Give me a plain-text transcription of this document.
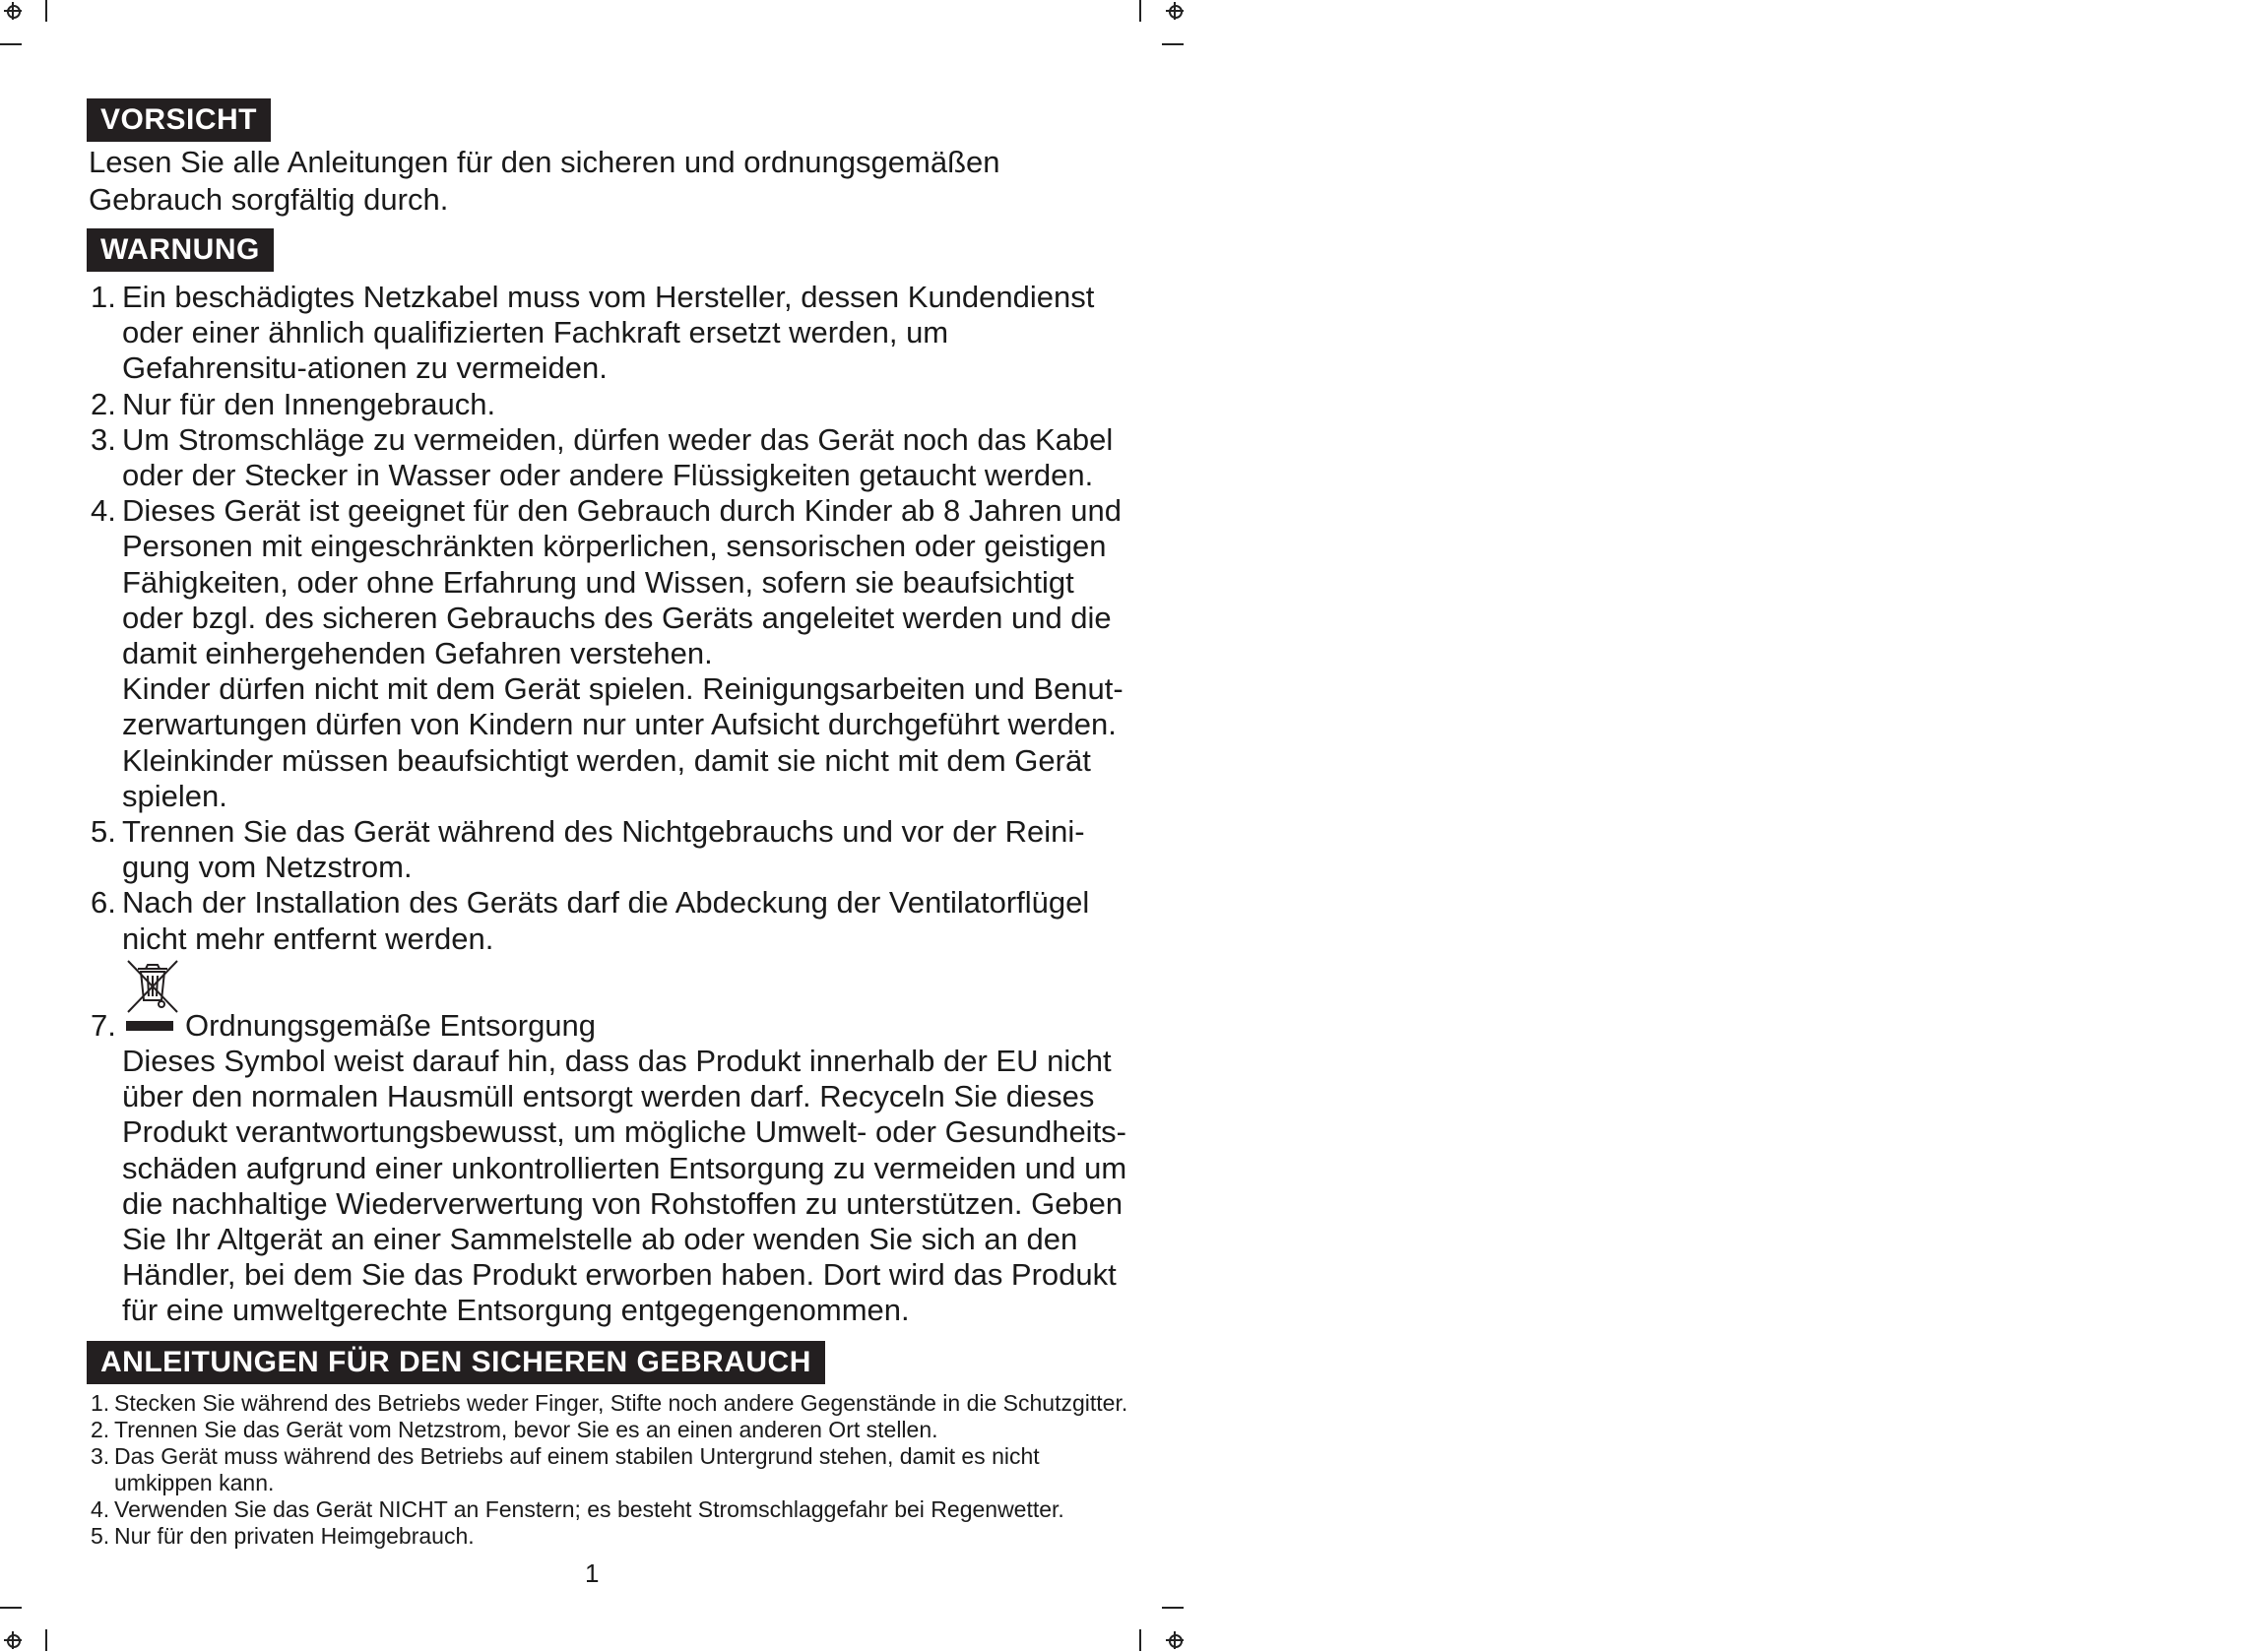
VORSICHT
Lesen Sie alle Anleitungen für den sicheren und ordnungsgemäßen Gebrauch sorgfältig durch.
WARNUNG
1. Ein beschädigtes Netzkabel muss vom Hersteller, dessen Kundendienst oder einer ähnlich qualifizierten Fachkraft ersetzt werden, um Gefahrensitu-ationen zu vermeiden.
2. Nur für den Innengebrauch.
3. Um Stromschläge zu vermeiden, dürfen weder das Gerät noch das Kabel oder der Stecker in Wasser oder andere Flüssigkeiten getaucht werden.
4. Dieses Gerät ist geeignet für den Gebrauch durch Kinder ab 8 Jahren und Personen mit eingeschränkten körperlichen, sensorischen oder geistigen Fähigkeiten, oder ohne Erfahrung und Wissen, sofern sie beaufsichtigt oder bzgl. des sicheren Gebrauchs des Geräts angeleitet werden und die damit einhergehenden Gefahren verstehen.
Kinder dürfen nicht mit dem Gerät spielen. Reinigungsarbeiten und Benut-zerwartungen dürfen von Kindern nur unter Aufsicht durchgeführt werden. Kleinkinder müssen beaufsichtigt werden, damit sie nicht mit dem Gerät spielen.
5. Trennen Sie das Gerät während des Nichtgebrauchs und vor der Reini-gung vom Netzstrom.
6. Nach der Installation des Geräts darf die Abdeckung der Ventilatorflügel nicht mehr entfernt werden.
7.	Ordnungsgemäße Entsorgung
Dieses Symbol weist darauf hin, dass das Produkt innerhalb der EU nicht über den normalen Hausmüll entsorgt werden darf. Recyceln Sie dieses Produkt verantwortungsbewusst, um mögliche Umwelt- oder Gesundheits-schäden aufgrund einer unkontrollierten Entsorgung zu vermeiden und um die nachhaltige Wiederverwertung von Rohstoffen zu unterstützen. Geben Sie Ihr Altgerät an einer Sammelstelle ab oder wenden Sie sich an den Händler, bei dem Sie das Produkt erworben haben. Dort wird das Produkt für eine umweltgerechte Entsorgung entgegengenommen.
ANLEITUNGEN FÜR DEN SICHEREN GEBRAUCH
1. Stecken Sie während des Betriebs weder Finger, Stifte noch andere Gegenstände in die Schutzgitter.
2. Trennen Sie das Gerät vom Netzstrom, bevor Sie es an einen anderen Ort stellen.
3. Das Gerät muss während des Betriebs auf einem stabilen Untergrund stehen, damit es nicht umkippen kann.
4. Verwenden Sie das Gerät NICHT an Fenstern; es besteht Stromschlaggefahr bei Regenwetter.
5. Nur für den privaten Heimgebrauch.
1
